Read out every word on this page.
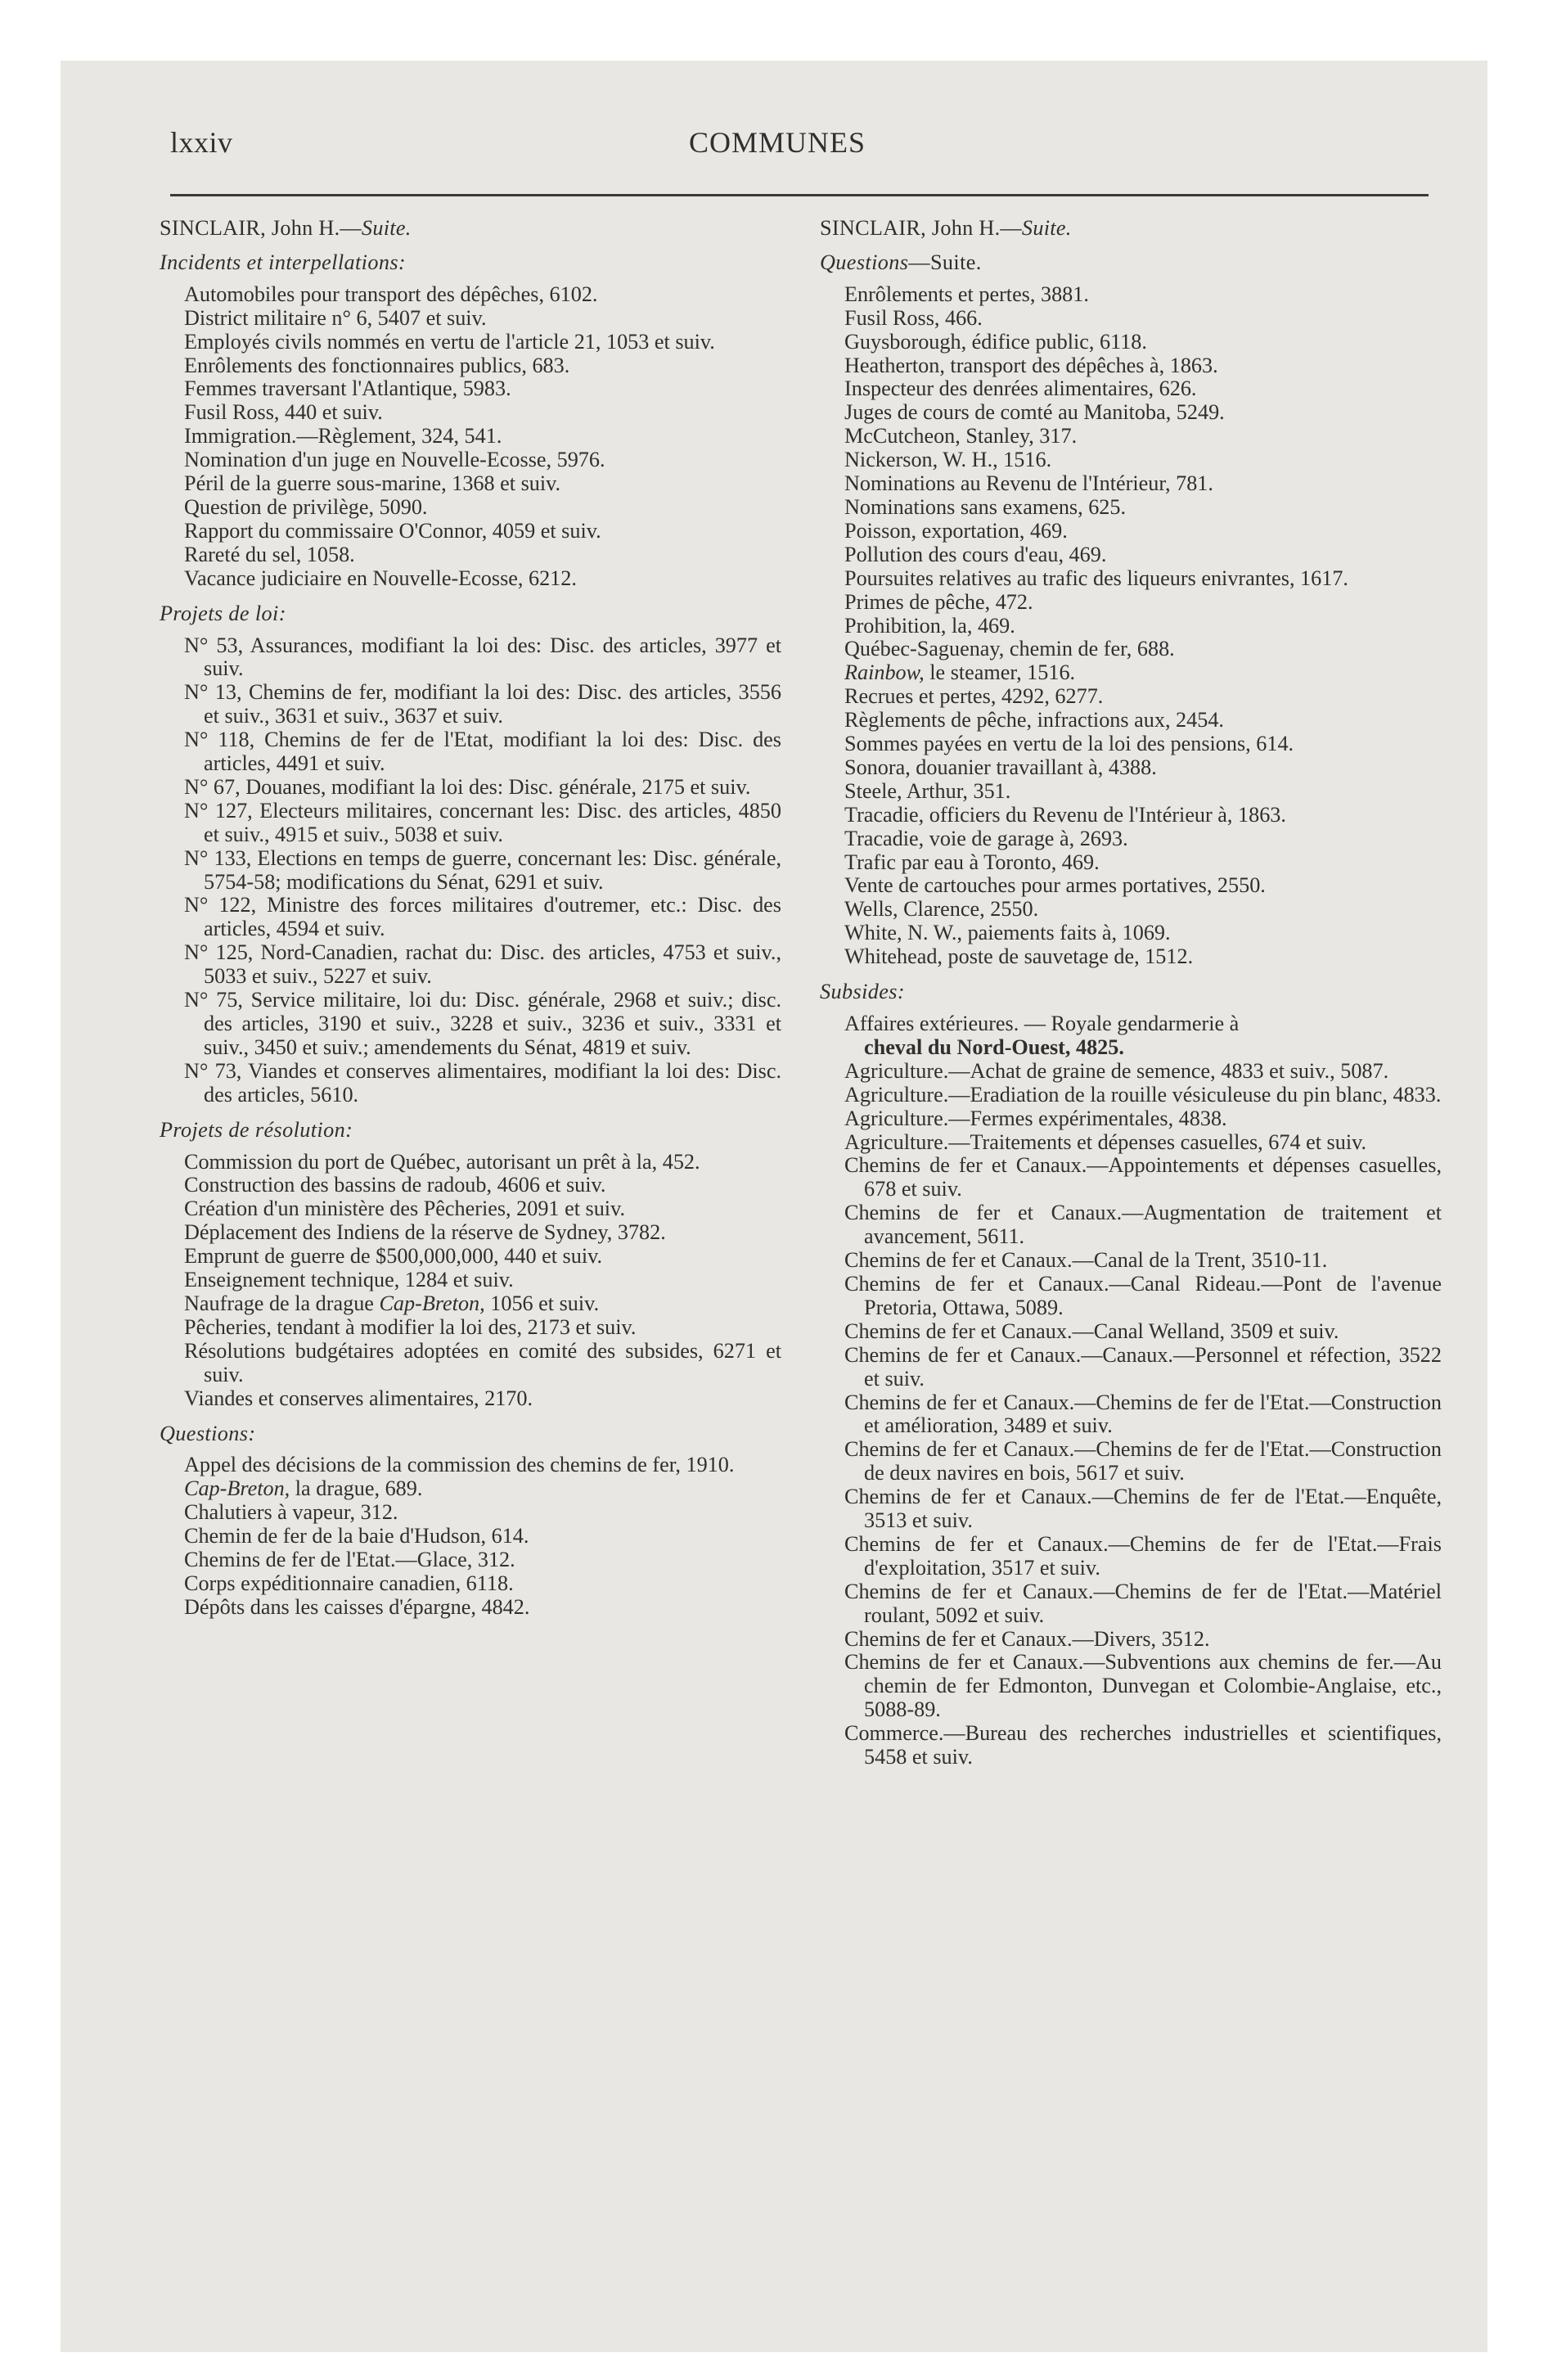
lxxiv	COMMUNES

SINCLAIR, John H.—Suite.

Incidents et interpellations:

Automobiles pour transport des dépêches, 6102.

District militaire n° 6, 5407 et suiv.

Employés civils nommés en vertu de l'article 21, 1053 et suiv.

Enrôlements des fonctionnaires publics, 683.

Femmes traversant l'Atlantique, 5983.

Fusil Ross, 440 et suiv.

Immigration.—Règlement, 324, 541.

Nomination d'un juge en Nouvelle-Ecosse, 5976.

Péril de la guerre sous-marine, 1368 et suiv.

Question de privilège, 5090.

Rapport du commissaire O'Connor, 4059 et suiv.

Rareté du sel, 1058.

Vacance judiciaire en Nouvelle-Ecosse, 6212.

Projets de loi:

N° 53, Assurances, modifiant la loi des: Disc. des articles, 3977 et suiv.

N° 13, Chemins de fer, modifiant la loi des: Disc. des articles, 3556 et suiv., 3631 et suiv., 3637 et suiv.

N° 118, Chemins de fer de l'Etat, modifiant la loi des: Disc. des articles, 4491 et suiv.

N° 67, Douanes, modifiant la loi des: Disc. générale, 2175 et suiv.

N° 127, Electeurs militaires, concernant les: Disc. des articles, 4850 et suiv., 4915 et suiv., 5038 et suiv.

N° 133, Elections en temps de guerre, concernant les: Disc. générale, 5754-58; modifications du Sénat, 6291 et suiv.

N° 122, Ministre des forces militaires d'outremer, etc.: Disc. des articles, 4594 et suiv.

N° 125, Nord-Canadien, rachat du: Disc. des articles, 4753 et suiv., 5033 et suiv., 5227 et suiv.

N° 75, Service militaire, loi du: Disc. générale, 2968 et suiv.; disc. des articles, 3190 et suiv., 3228 et suiv., 3236 et suiv., 3331 et suiv., 3450 et suiv.; amendements du Sénat, 4819 et suiv.

N° 73, Viandes et conserves alimentaires, modifiant la loi des: Disc. des articles, 5610.

Projets de résolution:

Commission du port de Québec, autorisant un prêt à la, 452.

Construction des bassins de radoub, 4606 et suiv.

Création d'un ministère des Pêcheries, 2091 et suiv.

Déplacement des Indiens de la réserve de Sydney, 3782.

Emprunt de guerre de $500,000,000, 440 et suiv.

Enseignement technique, 1284 et suiv.

Naufrage de la drague Cap-Breton, 1056 et suiv.

Pêcheries, tendant à modifier la loi des, 2173 et suiv.

Résolutions budgétaires adoptées en comité des subsides, 6271 et suiv.

Viandes et conserves alimentaires, 2170.

Questions:

Appel des décisions de la commission des chemins de fer, 1910.

Cap-Breton, la drague, 689.

Chalutiers à vapeur, 312.

Chemin de fer de la baie d'Hudson, 614.

Chemins de fer de l'Etat.—Glace, 312.

Corps expéditionnaire canadien, 6118.

Dépôts dans les caisses d'épargne, 4842.

SINCLAIR, John H.—Suite.

Questions—Suite.

Enrôlements et pertes, 3881.

Fusil Ross, 466.

Guysborough, édifice public, 6118.

Heatherton, transport des dépêches à, 1863.

Inspecteur des denrées alimentaires, 626.

Juges de cours de comté au Manitoba, 5249.

McCutcheon, Stanley, 317.

Nickerson, W. H., 1516.

Nominations au Revenu de l'Intérieur, 781.

Nominations sans examens, 625.

Poisson, exportation, 469.

Pollution des cours d'eau, 469.

Poursuites relatives au trafic des liqueurs enivrantes, 1617.

Primes de pêche, 472.

Prohibition, la, 469.

Québec-Saguenay, chemin de fer, 688.

Rainbow, le steamer, 1516.

Recrues et pertes, 4292, 6277.

Règlements de pêche, infractions aux, 2454.

Sommes payées en vertu de la loi des pensions, 614.

Sonora, douanier travaillant à, 4388.

Steele, Arthur, 351.

Tracadie, officiers du Revenu de l'Intérieur à, 1863.

Tracadie, voie de garage à, 2693.

Trafic par eau à Toronto, 469.

Vente de cartouches pour armes portatives, 2550.

Wells, Clarence, 2550.

White, N. W., paiements faits à, 1069.

Whitehead, poste de sauvetage de, 1512.

Subsides:

Affaires extérieures. — Royale gendarmerie à

cheval du Nord-Ouest, 4825.

Agriculture.—Achat de graine de semence, 4833 et suiv., 5087.

Agriculture.—Eradiation de la rouille vésiculeuse du pin blanc, 4833.

Agriculture.—Fermes expérimentales, 4838.

Agriculture.—Traitements et dépenses casuelles, 674 et suiv.

Chemins de fer et Canaux.—Appointements et dépenses casuelles, 678 et suiv.

Chemins de fer et Canaux.—Augmentation de traitement et avancement, 5611.

Chemins de fer et Canaux.—Canal de la Trent, 3510-11.

Chemins de fer et Canaux.—Canal Rideau.—Pont de l'avenue Pretoria, Ottawa, 5089.

Chemins de fer et Canaux.—Canal Welland, 3509 et suiv.

Chemins de fer et Canaux.—Canaux.—Personnel et réfection, 3522 et suiv.

Chemins de fer et Canaux.—Chemins de fer de l'Etat.—Construction et amélioration, 3489 et suiv.

Chemins de fer et Canaux.—Chemins de fer de l'Etat.—Construction de deux navires en bois, 5617 et suiv.

Chemins de fer et Canaux.—Chemins de fer de l'Etat.—Enquête, 3513 et suiv.

Chemins de fer et Canaux.—Chemins de fer de l'Etat.—Frais d'exploitation, 3517 et suiv.

Chemins de fer et Canaux.—Chemins de fer de l'Etat.—Matériel roulant, 5092 et suiv.

Chemins de fer et Canaux.—Divers, 3512.

Chemins de fer et Canaux.—Subventions aux chemins de fer.—Au chemin de fer Edmonton, Dunvegan et Colombie-Anglaise, etc., 5088-89.

Commerce.—Bureau des recherches industrielles et scientifiques, 5458 et suiv.
